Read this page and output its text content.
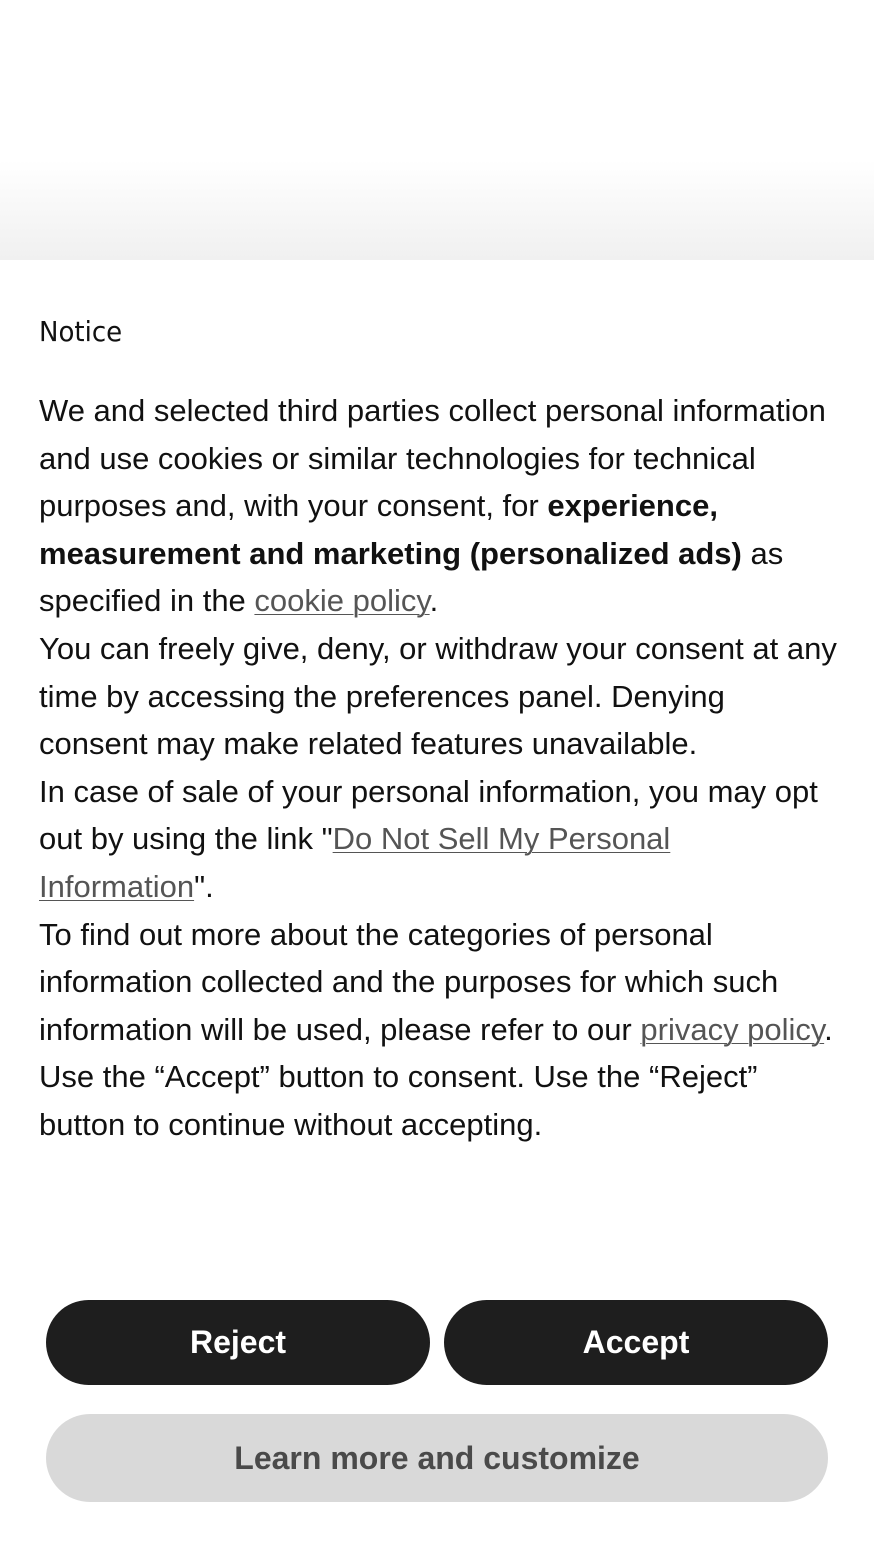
Notice

We and selected third parties collect personal information and use cookies or similar technologies for technical purposes and, with your consent, for experience, measurement and marketing (personalized ads) as specified in the cookie policy.

You can freely give, deny, or withdraw your consent at any time by accessing the preferences panel. Denying consent may make related features unavailable.

In case of sale of your personal information, you may opt out by using the link "Do Not Sell My Personal Information".

To find out more about the categories of personal information collected and the purposes for which such information will be used, please refer to our privacy policy.

Use the “Accept” button to consent. Use the “Reject” button to continue without accepting.

Reject	Accept
Learn more and customize
